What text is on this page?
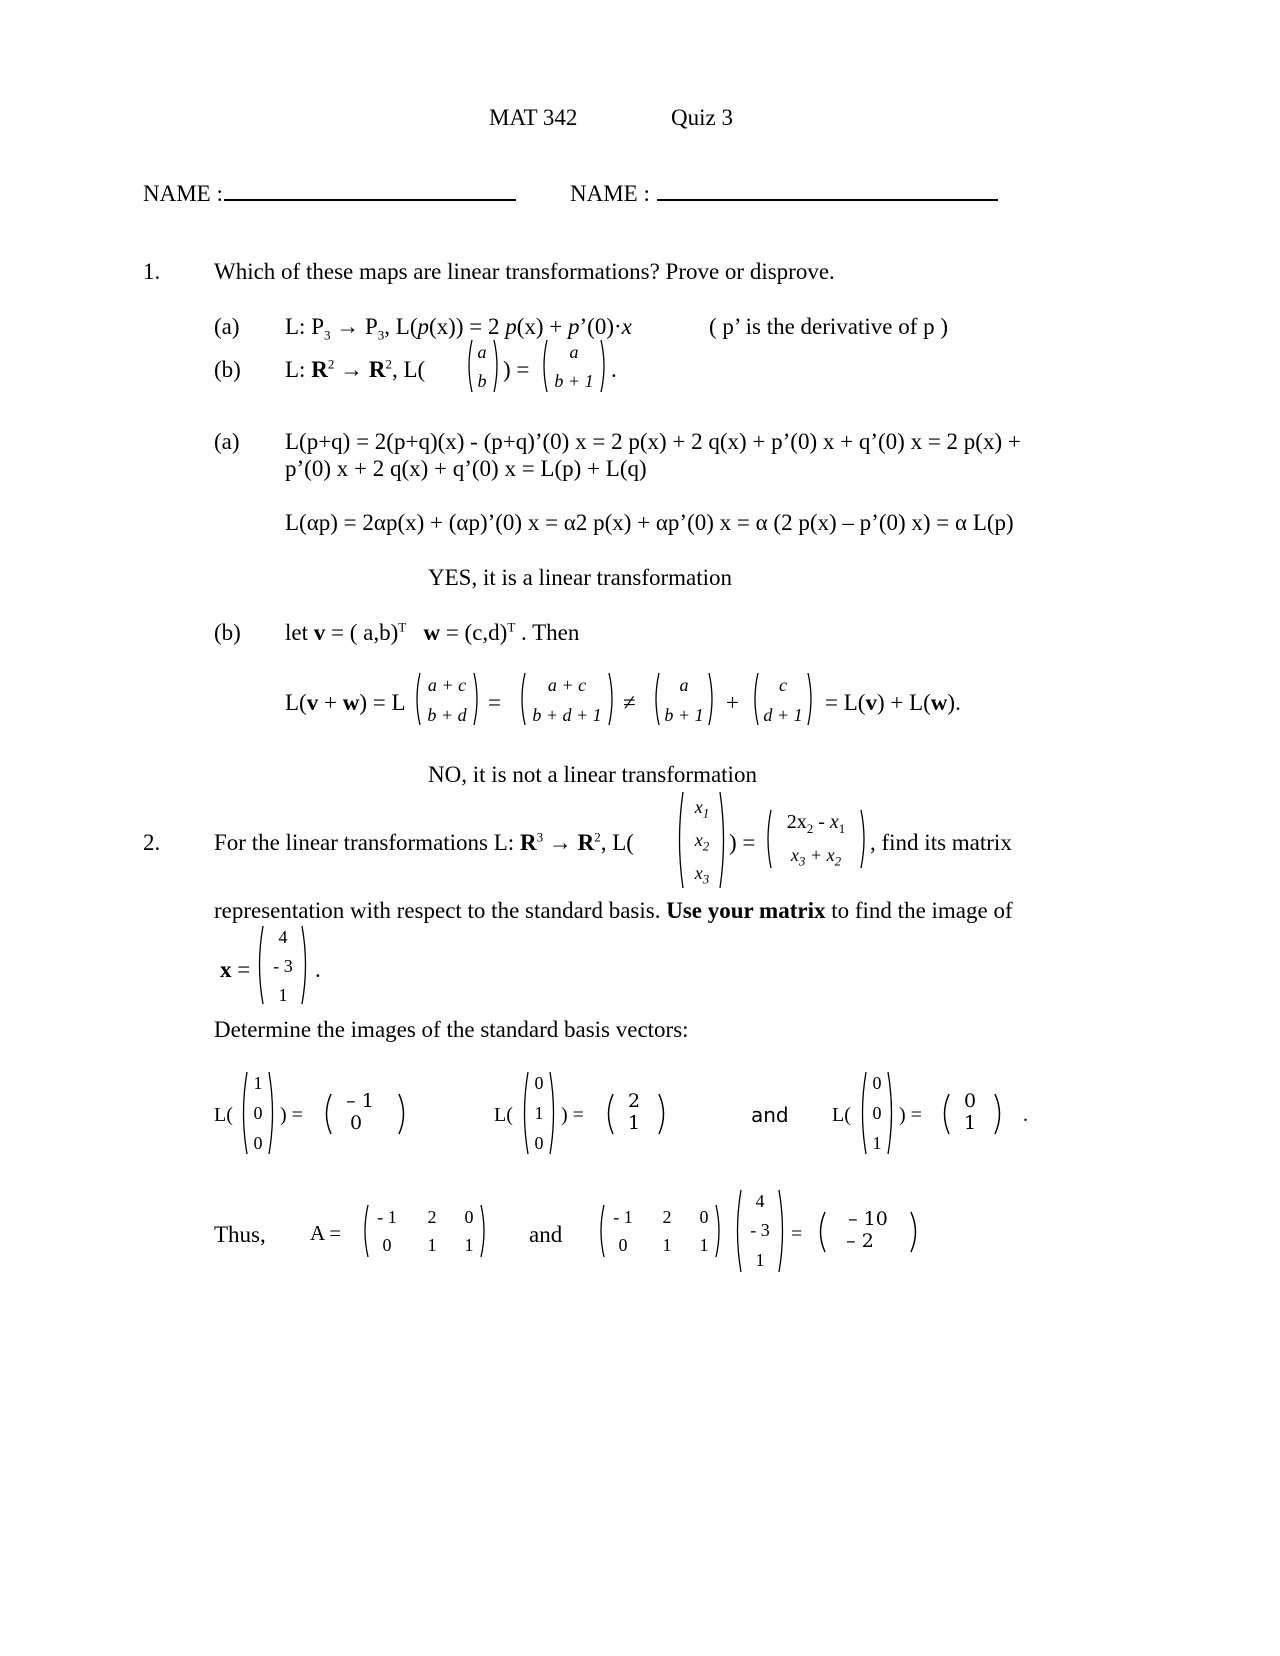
MAT 342	Quiz 3
NAME :	NAME :
1. Which of these maps are linear transformations? Prove or disprove.
(a) L: $P_3 \to P_3$, L(p(x)) = 2 p(x) + p’(0)·x	( p’ is the derivative of p )
(b) L: $R^2 \to R^2$, L(
a
b ) =
a
b + 1 .
(a) L(p+q) = 2(p+q)(x) - (p+q)’(0) x = 2 p(x) + 2 q(x) + p’(0) x + q’(0) x = 2 p(x) +
p’(0) x + 2 q(x) + q’(0) x = L(p) + L(q)
L(αp) = 2αp(x) + (αp)’(0) x = α2 p(x) + αp’(0) x = α (2 p(x) – p’(0) x) = α L(p)
YES, it is a linear transformation
(b) let v = ( a,b)$^T$ $w = (c,d)^T$ . Then
L(v + w) = L
a + c
b + d =
a + c
b + d + 1 ≠
a
b + 1 +
c
d + 1 = L(v) + L(w).
NO, it is not a linear transformation
2. For the linear transformations L: $R^3 \to R^2$, L(
$x_1$
$x_2$
$x_3$
) =
$2x_2 - x_1$
$x_3 + x_2$
, find its matrix
representation with respect to the standard basis. Use your matrix to find the image of
x =
4
- 3
1
.
Determine the images of the standard basis vectors:
L(
1
0
0
) =
– 1
0	L(
0
1
0
) =
2
1	and L(
0
0
1
) =
0
1	.
Thus, A =
- 1	2	0
0	1	1	and
- 1	2	0
0	1	1
4
- 3
1
=
– 10
– 2
